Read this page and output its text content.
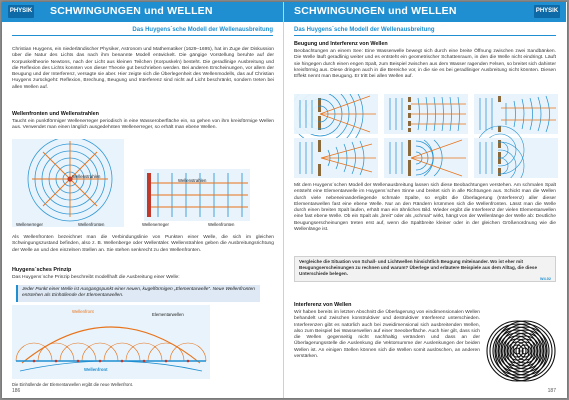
PHYSIK SCHWINGUNGEN und WELLEN
Das Huygens´sche Modell der Wellenausbreitung
Christian Huygens, ein niederländischer Physiker, Astronom und Mathematiker (1629–1695), hat im Zuge der Diskussion über die Natur des Lichts das nach ihm benannte Modell entwickelt. Die gängige Vorstellung beruhte auf der Korpuskeltheorie Newtons, nach der Licht aus kleinen Teilchen (Korpuskeln) besteht. Die geradlinige Ausbreitung und die Reflexion des Lichts konnten von dieser Theorie gut beschrieben werden. Bei anderen Erscheinungen, vor allem der Beugung und der Interferenz, versagte sie aber. Hier zeigte sich die Überlegenheit des Wellenmodells, das auf Christian Huygens zurückgeht: Reflexion, Brechung, Beugung und Interferenz sind nicht auf Licht beschränkt, sondern treten bei allen Wellen auf.
Wellenfronten und Wellenstrahlen
Taucht ein punktförmiger Wellenerreger periodisch in eine Wasseroberfläche ein, so gehen von ihm kreisförmige Wellen aus. Verwendet man einen länglich ausgedehnten Wellenerreger, so erhält man ebene Wellen.
Wellenstrahlen
Wellenerreger	Wellenfronten
Wellenstrahlen
Wellenerreger	Wellenfronten
Als Wellenfronten bezeichnet man die Verbindungslinie von Punkten einer Welle, die sich im gleichen Schwingungszustand befinden, also z. B. Wellenberge oder Wellentäler. Wellenstrahlen geben die Ausbreitungsrichtung der Welle an und den einzelnen Stellen an. Sie stehen senkrecht zu den Wellenfronten.
Huygens´sches Prinzip
Das Huygens´sche Prinzip beschreibt modellhaft die Ausbreitung einer Welle:
Jeder Punkt einer Welle ist Ausgangspunkt einer neuen, kugelförmigen „Elementarwelle“. Neue Wellenfronten entstehen als Einhüllende der Elementarwellen.
Wellenfront
Elementarwellen
Wellenfront
Die Einhüllende der Elementarwellen ergibt die neue Wellenfront.
186
SCHWINGUNGEN und WELLEN	PHYSIK
Das Huygens´sche Modell der Wellenausbreitung
Beugung und Interferenz von Wellen
Beobachtungen an einem See: Eine Wasserwelle bewegt sich durch eine breite Öffnung zwischen zwei Sandbänken. Die Welle läuft geradlinig weiter und es entsteht ein geometrischer Schattenraum, in den die Welle nicht eindringt. Läuft sie hingegen durch einen engen Spalt, zum Beispiel zwischen aus dem Wasser ragenden Felsen, so breitet sich dahinter kreisförmig aus. Diese dringen auch in die Bereiche vor, in die sie es bei geradliniger Ausbreitung nicht könnten. Diesen Effekt nennt man Beugung. Er tritt bei allen Wellen auf.
Mit dem Huygens´schen Modell der Wellenausbreitung lassen sich diese Beobachtungen verstehen. Am schmalen Spalt entsteht eine Elementarwelle im Huygens´schen Sinne und breitet sich in alle Richtungen aus. Schickt man die Wellen durch viele nebeneinanderliegende schmale Spalte, so ergibt die Überlagerung (Interferenz) aller dieser Elementarwellen fast eine ebene Welle. Nur an den Rändern krümmen sich die Wellenfronten. Lässt man die Welle durch einen breiten Spalt laufen, erhält man ein ähnliches Bild. Wieder ergibt die Interferenz der vielen Elementarwellen eine fast ebene Welle. Ob ein Spalt als „breit“ oder als „schmal“ wirkt, hängt von der Wellenlänge der Welle ab: Deutliche Beugungserscheinungen treten erst auf, wenn die Spaltbreite kleiner oder in der gleichen Größenordnung wie die Wellenlänge ist.
Vergleiche die Situation von Schall- und Lichtwellen hinsichtlich Beugung miteinander. Wo ist eher mit Beugungserscheinungen zu rechnen und warum? Überlege und erläutere Beispiele aus dem Alltag, die diese Unterschiede belegen.
W4.02
Interferenz von Wellen
Wir haben bereits im letzten Abschnitt die Überlagerung von eindimensionalen Wellen behandelt und zwischen konstruktiver und destruktiver Interferenz unterschieden. Interferenzen gibt es natürlich auch bei zweidimensional sich ausbreitenden Wellen, also zum Beispiel bei Wasserwellen auf einer Seeoberfläche. Auch hier gilt, dass sich die Wellen gegenseitig nicht nachhaltig verändern und dass an der Überlagerungsstelle die Auslenkung die Vektorsumme der Auslenkungen der beiden Wellen ist. An einigen Stellen können sich die Wellen somit auslöschen, an anderen verstärken.
187
